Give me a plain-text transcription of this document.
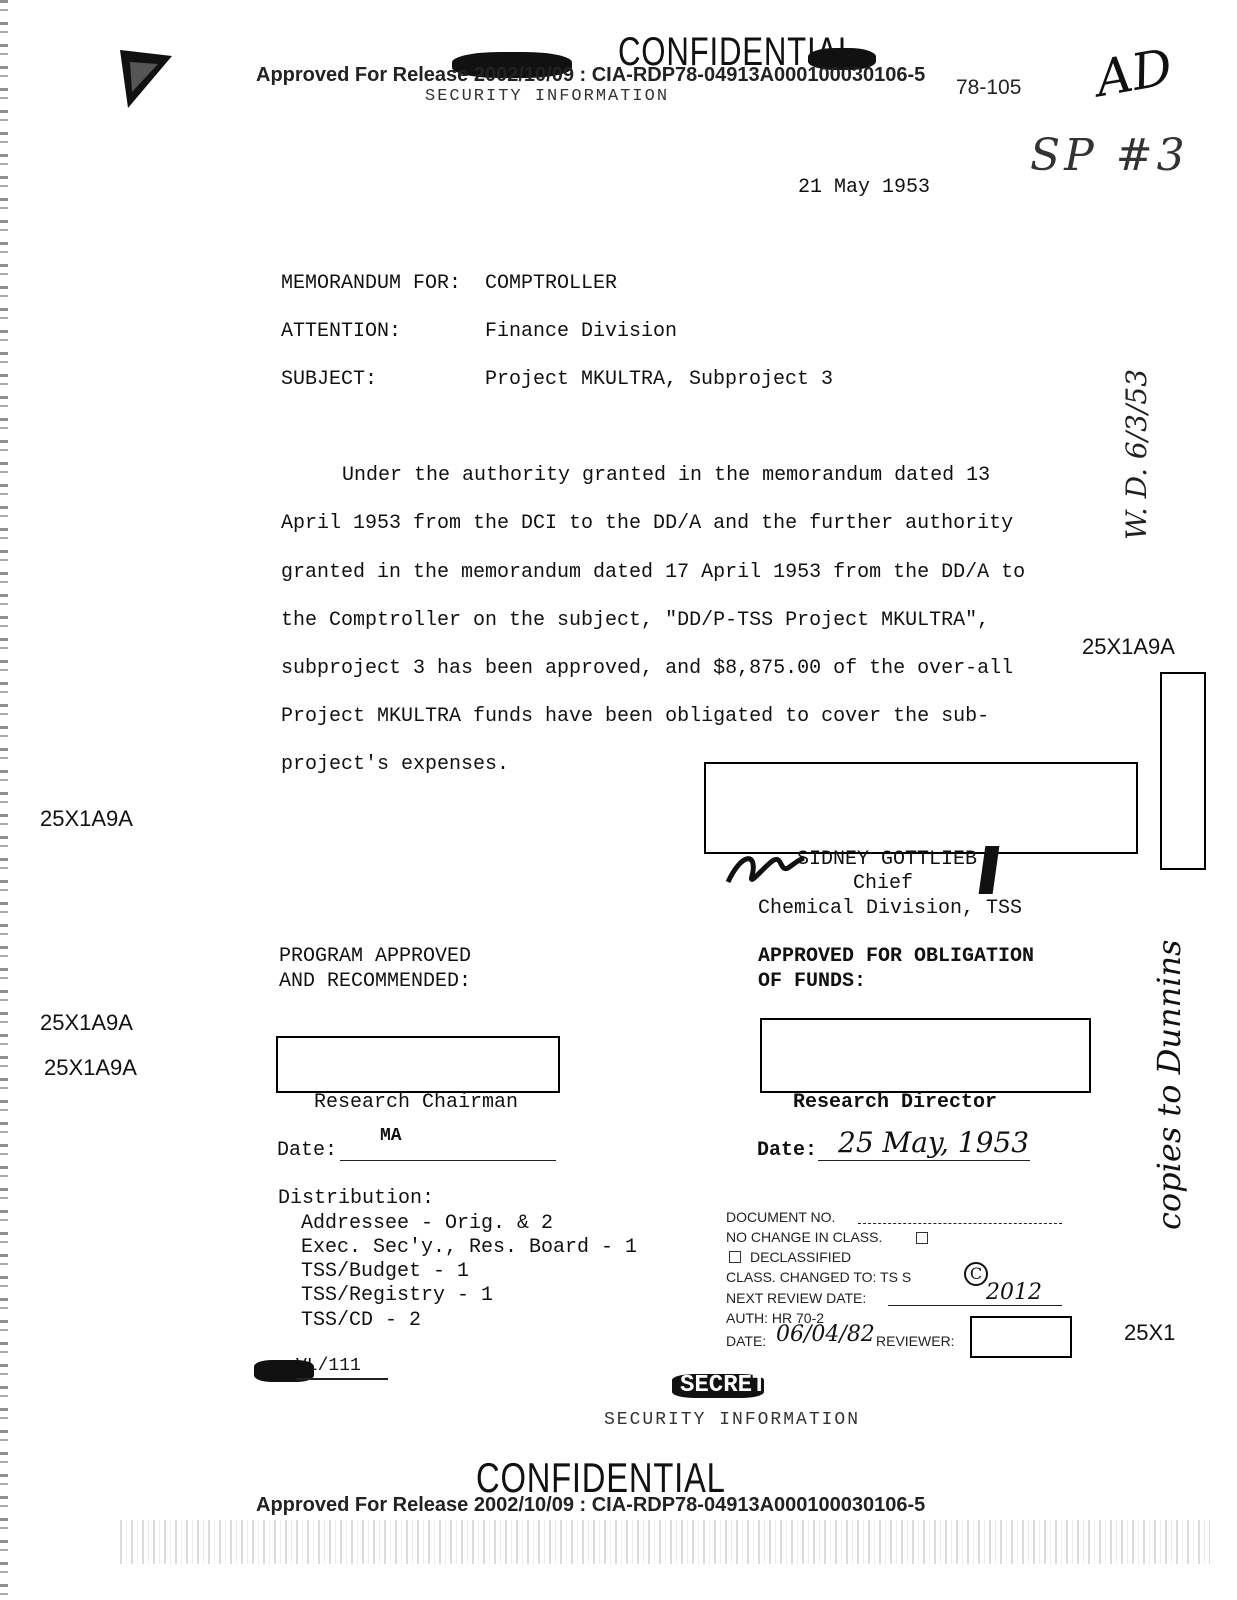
CONFIDENTIAL
Approved For Release 2002/10/09 : CIA-RDP78-04913A000100030106-5
78-105
SECURITY INFORMATION	AD
SP #3
21 May 1953
MEMORANDUM FOR: COMPTROLLER
ATTENTION:	Finance Division
SUBJECT:	Project MKULTRA, Subproject 3
Under the authority granted in the memorandum dated 13
April 1953 from the DCI to the DD/A and the further authority
granted in the memorandum dated 17 April 1953 from the DD/A to
the Comptroller on the subject, "DD/P-TSS Project MKULTRA",
subproject 3 has been approved, and $8,875.00 of the over-all
Project MKULTRA funds have been obligated to cover the sub-
project's expenses.
W. D. 6/3/53
copies to Dunnins
25X1A9A
25X1A9A
SIDNEY GOTTLIEB
Chief
Chemical Division, TSS
PROGRAM APPROVED
AND RECOMMENDED:
APPROVED FOR OBLIGATION
OF FUNDS:
25X1A9A
25X1A9A
Research Chairman	Research Director
Date:
MA
Date: 25 May, 1953
Distribution:
Addressee - Orig. & 2
Exec. Sec'y., Res. Board - 1
TSS/Budget - 1
TSS/Registry - 1
TSS/CD - 2
DOCUMENT NO.
NO CHANGE IN CLASS.
DECLASSIFIED
CLASS. CHANGED TO: TS S	C
NEXT REVIEW DATE:	2012
AUTH: HR 70-2
DATE: 06/04/82 REVIEWER:	25X1
VL/111
SECRET
SECURITY INFORMATION
CONFIDENTIAL
Approved For Release 2002/10/09 : CIA-RDP78-04913A000100030106-5
